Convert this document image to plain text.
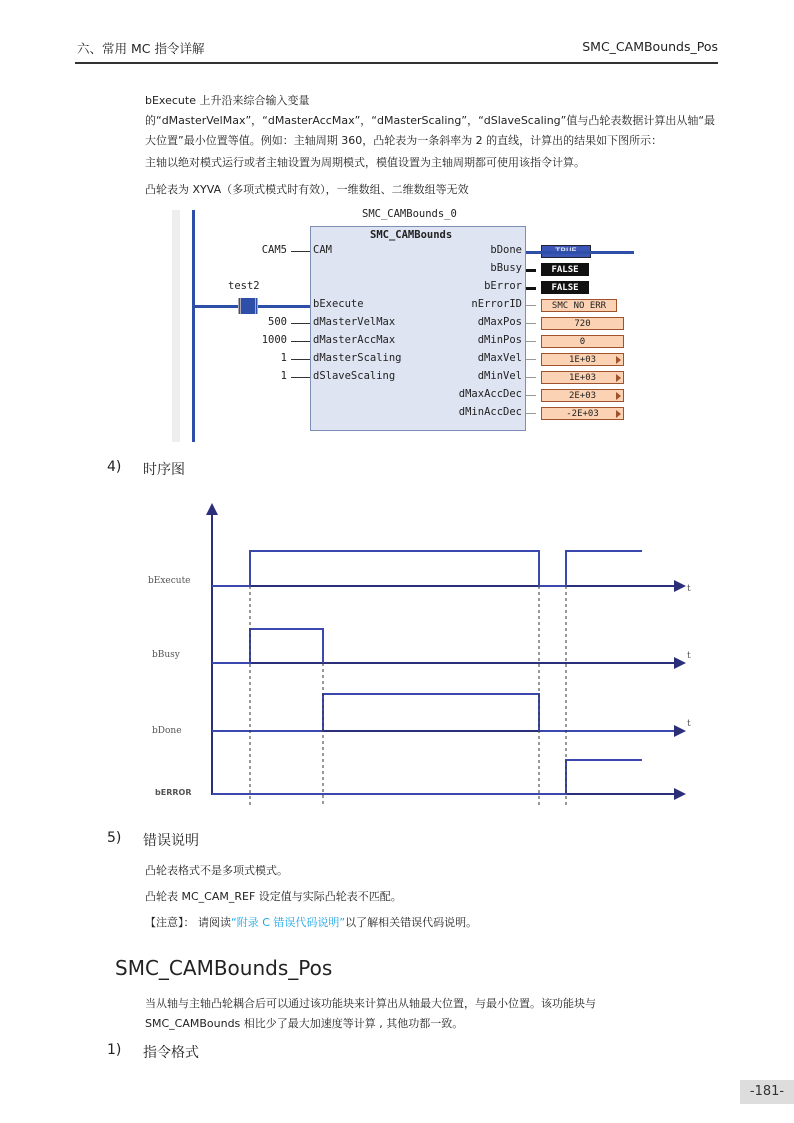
六、常用 MC 指令详解	SMC_CAMBounds_Pos
bExecute 上升沿来综合输入变量的“dMasterVelMax”，“dMasterAccMax”，“dMasterScaling”，“dSlaveScaling”值与凸轮表数据计算出从轴“最大位置”最小位置等值。例如：主轴周期 360，凸轮表为一条斜率为 2 的直线，计算出的结果如下图所示：
主轴以绝对模式运行或者主轴设置为周期模式，模值设置为主轴周期都可使用该指令计算。
凸轮表为 XYVA（多项式模式时有效），一维数组、二维数组等无效
SMC_CAMBounds_0
SMC_CAMBounds
test2
CAM
CAM5
bExecute
dMasterVelMax
500
dMasterAccMax
1000
dMasterScaling
1
dSlaveScaling
1
bDone
bBusy	FALSE
bError	FALSE
nErrorID	SMC NO ERR
dMaxPos	720
dMinPos	0
dMaxVel	1E+03
dMinVel	1E+03
dMaxAccDec	2E+03
dMinAccDec	-2E+03
4) 时序图
bExecute
bBusy
bDone
bERROR
t
t
t
5) 错误说明
凸轮表格式不是多项式模式。
凸轮表 MC_CAM_REF 设定值与实际凸轮表不匹配。
【注意】： 请阅读“附录 C 错误代码说明”以了解相关错误代码说明。
SMC_CAMBounds_Pos
当从轴与主轴凸轮耦合后可以通过该功能块来计算出从轴最大位置，与最小位置。该功能块与 SMC_CAMBounds 相比少了最大加速度等计算 , 其他功都一致。
1) 指令格式
-181-
